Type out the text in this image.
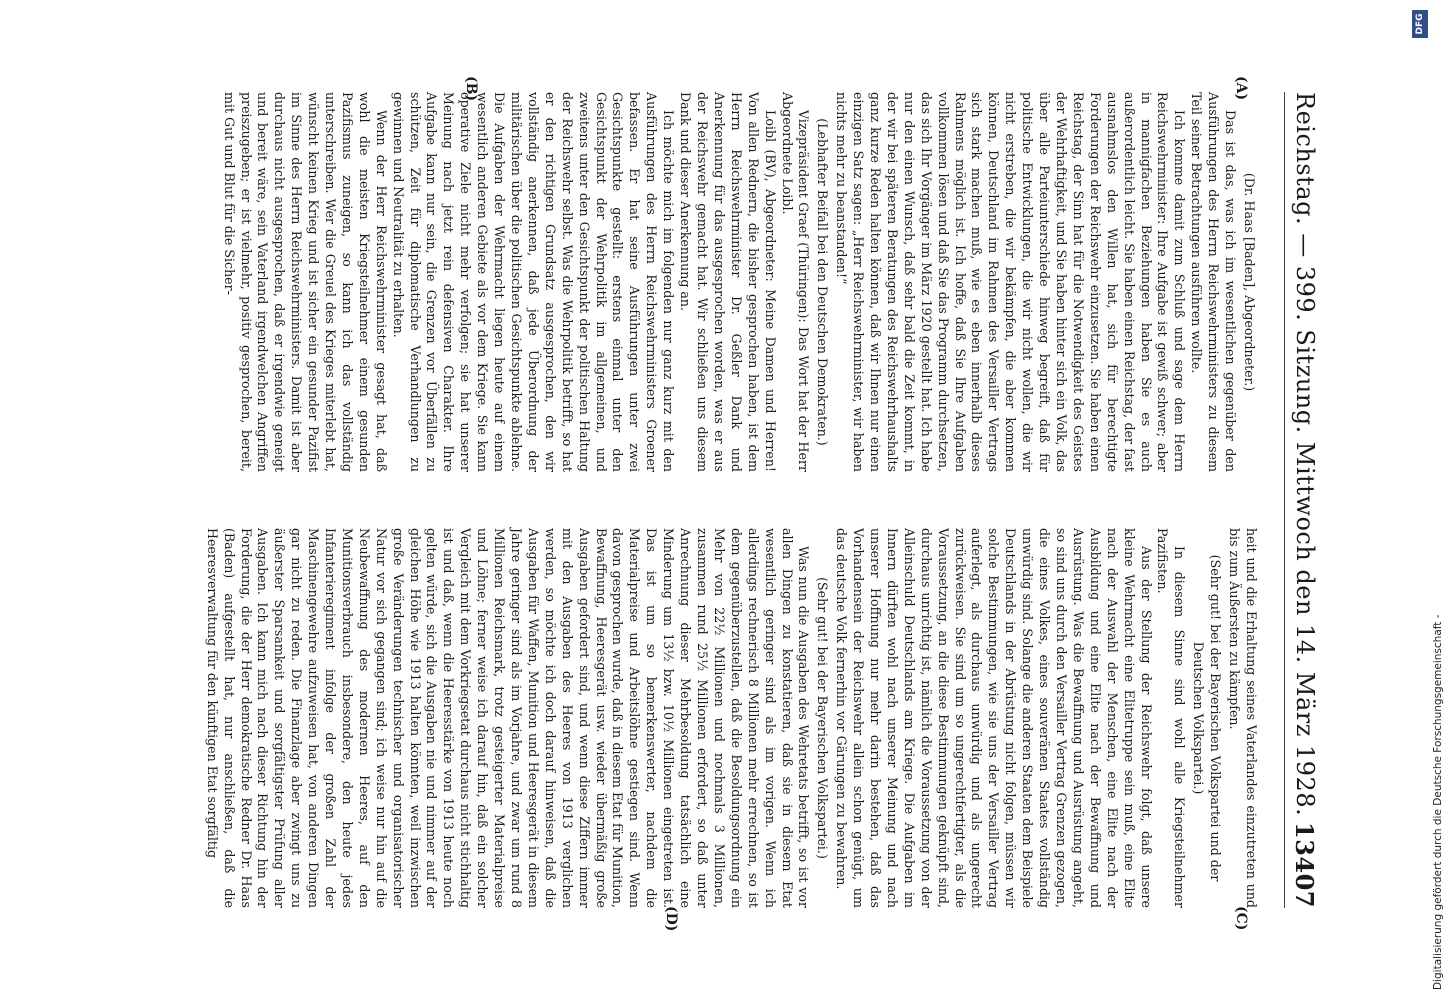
Reichstag. — 399. Sitzung. Mittwoch den 14. März 1928.
13407
(A)
(B)
(C)
(D)

(Dr. Haas [Baden], Abgeordneter.)

Das ist das, was ich im wesentlichen gegenüber den Ausführungen des Herrn Reichswehrministers zu diesem Teil seiner Betrachtungen ausführen wollte.

Ich komme damit zum Schluß und sage dem Herrn Reichswehrminister: Ihre Aufgabe ist gewiß schwer; aber in mannigfachen Beziehungen haben Sie es auch außerordentlich leicht. Sie haben einen Reichstag, der fast ausnahmslos den Willen hat, sich für berechtigte Forderungen der Reichswehr einzusetzen. Sie haben einen Reichstag, der Sinn hat für die Notwendigkeit des Geistes der Wehrhaftigkeit, und Sie haben hinter sich ein Volk, das über alle Parteiunterschiede hinweg begreift, daß für politische Entwicklungen, die wir nicht wollen, die wir nicht erstreben, die wir bekämpfen, die aber kommen können, Deutschland im Rahmen des Versailler Vertrags sich stark machen muß, wie es eben innerhalb dieses Rahmens möglich ist. Ich hoffe, daß Sie Ihre Aufgaben vollkommen lösen und daß Sie das Programm durchsetzen, das sich Ihr Vorgänger im März 1920 gestellt hat. Ich habe nur den einen Wunsch, daß sehr bald die Zeit kommt, in der wir bei späteren Beratungen des Reichswehrhaushalts ganz kurze Reden halten können, daß wir Ihnen nur einen einzigen Satz sagen: „Herr Reichswehrminister, wir haben nichts mehr zu beanstanden!“

(Lebhafter Beifall bei den Deutschen Demokraten.)

Vizepräsident Graef (Thüringen): Das Wort hat der Herr Abgeordnete Loibl.

Loibl (BV), Abgeordneter: Meine Damen und Herren! Von allen Rednern, die bisher gesprochen haben, ist dem Herrn Reichswehrminister Dr. Geßler Dank und Anerkennung für das ausgesprochen worden, was er aus der Reichswehr gemacht hat. Wir schließen uns diesem Dank und dieser Anerkennung an.

Ich möchte mich im folgenden nur ganz kurz mit den Ausführungen des Herrn Reichswehrministers Groener befassen. Er hat seine Ausführungen unter zwei Gesichtspunkte gestellt: erstens einmal unter den Gesichtspunkt der Wehrpolitik im allgemeinen, und zweitens unter den Gesichtspunkt der politischen Haltung der Reichswehr selbst. Was die Wehrpolitik betrifft, so hat er den richtigen Grundsatz ausgesprochen, den wir vollständig anerkennen, daß jede Überordnung der militärischen über die politischen Gesichtspunkte ablehne. Die Aufgaben der Wehrmacht liegen heute auf einem wesentlich anderen Gebiete als vor dem Kriege. Sie kann operative Ziele nicht mehr verfolgen; sie hat unserer Meinung nach jetzt rein defensiven Charakter. Ihre Aufgabe kann nur sein, die Grenzen vor Überfällen zu schützen, Zeit für diplomatische Verhandlungen zu gewinnen und Neutralität zu erhalten.

Wenn der Herr Reichswehrminister gesagt hat, daß wohl die meisten Kriegsteilnehmer einem gesunden Pazifismus zuneigen, so kann ich das vollständig unterschreiben. Wer die Greuel des Krieges miterlebt hat, wünscht keinen Krieg und ist sicher ein gesunder Pazifist im Sinne des Herrn Reichswehrministers. Damit ist aber durchaus nicht ausgesprochen, daß er irgendwie geneigt und bereit wäre, sein Vaterland irgendwelchen Angriffen preiszugeben; er ist vielmehr, positiv gesprochen, bereit, mit Gut und Blut für die Sicher-

heit und die Erhaltung seines Vaterlandes einzutreten und bis zum Äußersten zu kämpfen.

(Sehr gut! bei der Bayerischen Volkspartei und der Deutschen Volkspartei.)

In diesem Sinne sind wohl alle Kriegsteilnehmer Pazifisten.

Aus der Stellung der Reichswehr folgt, daß unsere kleine Wehrmacht eine Elitetruppe sein muß, eine Elite nach der Auswahl der Menschen, eine Elite nach der Ausbildung und eine Elite nach der Bewaffnung und Ausrüstung. Was die Bewaffnung und Ausrüstung angeht, so sind uns durch den Versailler Vertrag Grenzen gezogen, die eines Volkes, eines souveränen Staates vollständig unwürdig sind. Solange die anderen Staaten dem Beispiele Deutschlands in der Abrüstung nicht folgen, müssen wir solche Bestimmungen, wie sie uns der Versailler Vertrag auferlegt, als durchaus unwürdig und als ungerecht zurückweisen. Sie sind um so ungerechtfertigter, als die Voraussetzung, an die diese Bestimmungen geknüpft sind, durchaus unrichtig ist, nämlich die Voraussetzung von der Alleinschuld Deutschlands am Kriege. Die Aufgaben im Innern dürften wohl nach unserer Meinung und nach unserer Hoffnung nur mehr darin bestehen, daß das Vorhandensein der Reichswehr allein schon genügt, um das deutsche Volk fernerhin vor Gärungen zu bewahren.

(Sehr gut! bei der Bayerischen Volkspartei.)

Was nun die Ausgaben des Wehretats betrifft, so ist vor allen Dingen zu konstatieren, daß sie in diesem Etat wesentlich geringer sind als im vorigen. Wenn ich allerdings rechnerisch 8 Millionen mehr errechnen, so ist dem gegenüberzustellen, daß die Besoldungsordnung ein Mehr von 22½ Millionen und nochmals 3 Millionen, zusammen rund 25½ Millionen erfordert, so daß unter Anrechnung dieser Mehrbesoldung tatsächlich eine Minderung um 13½ bzw. 10½ Millionen eingetreten ist. Das ist um so bemerkenswerter, nachdem die Materialpreise und Arbeitslöhne gestiegen sind. Wenn davon gesprochen wurde, daß in diesem Etat für Munition, Bewaffnung, Heeresgerät usw. wieder übermäßig große Ausgaben gefordert sind, und wenn diese Ziffern immer mit den Ausgaben des Heeres von 1913 verglichen werden, so möchte ich doch darauf hinweisen, daß die Ausgaben für Waffen, Munition und Heeresgerät in diesem Jahre geringer sind als im Vorjahre, und zwar um rund 8 Millionen Reichsmark, trotz gesteigerter Materialpreise und Löhne; ferner weise ich darauf hin, daß ein solcher Vergleich mit dem Vorkriegsetat durchaus nicht stichhaltig ist und daß, wenn die Heeresstärke von 1913 heute noch gelten würde, sich die Ausgaben nie und nimmer auf der gleichen Höhe wie 1913 halten könnten, weil inzwischen große Veränderungen technischer und organisatorischer Natur vor sich gegangen sind; ich weise nur hin auf die Neubewaffnung des modernen Heeres, auf den Munitionsverbrauch insbesondere, den heute jedes Infanterieregiment infolge der großen Zahl der Maschinengewehre aufzuweisen hat, von anderen Dingen gar nicht zu reden. Die Finanzlage aber zwingt uns zu äußerster Sparsamkeit und sorgfältigster Prüfung aller Ausgaben. Ich kann mich nach dieser Richtung hin der Forderung, die der Herr demokratische Redner Dr. Haas (Baden) aufgestellt hat, nur anschließen, daß die Heeresverwaltung für den künftigen Etat sorgfältig	Digitalisierung gefördert durch die Deutsche Forschungsgemeinschaft -
DFG
